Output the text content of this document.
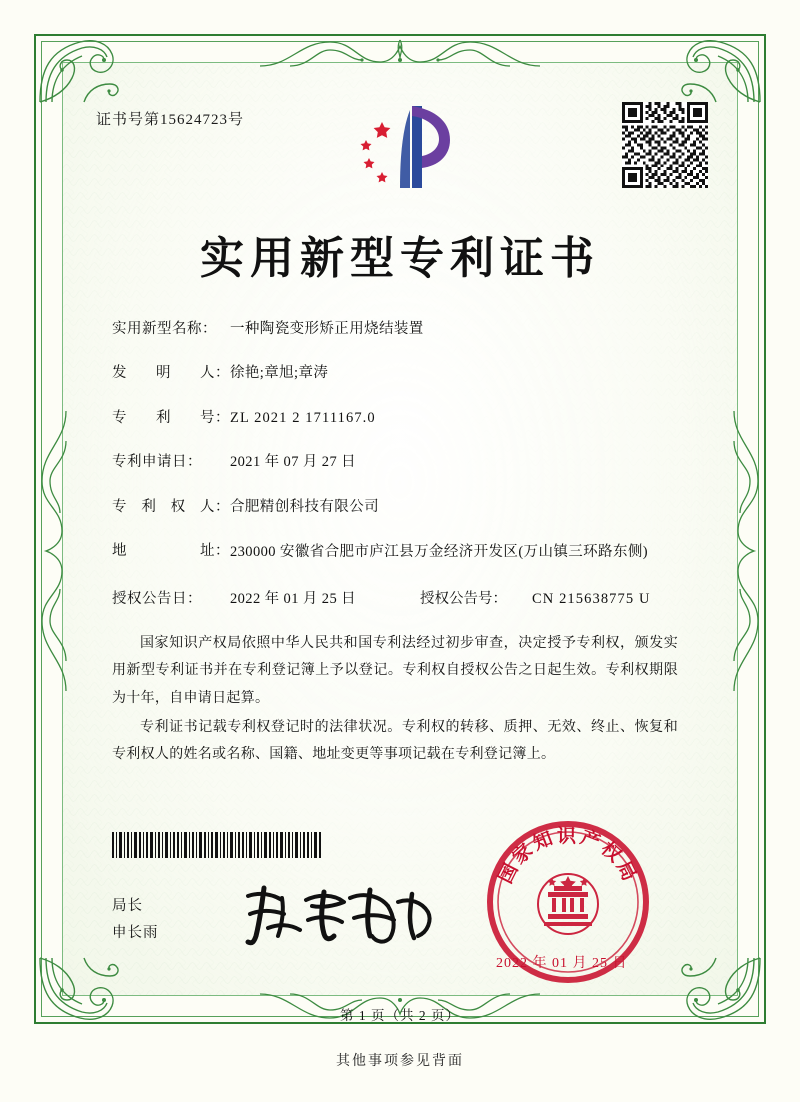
证书号第15624723号
实用新型专利证书
实用新型名称： 一种陶瓷变形矫正用烧结装置
发 明 人： 徐艳;章旭;章涛
专 利 号： ZL 2021 2 1711167.0
专利申请日：	2021 年 07 月 27 日
专 利 权 人： 合肥精创科技有限公司
地	址： 230000 安徽省合肥市庐江县万金经济开发区(万山镇三环路东侧)
授权公告日：	2022 年 01 月 25 日	授权公告号：	CN 215638775 U

国家知识产权局依照中华人民共和国专利法经过初步审查，决定授予专利权，颁发实用新型专利证书并在专利登记簿上予以登记。专利权自授权公告之日起生效。专利权期限为十年，自申请日起算。

专利证书记载专利权登记时的法律状况。专利权的转移、质押、无效、终止、恢复和专利权人的姓名或名称、国籍、地址变更等事项记载在专利登记簿上。

局长
申长雨
国家知识产权局
2022 年 01 月 25 日
第 1 页（共 2 页）
其他事项参见背面
